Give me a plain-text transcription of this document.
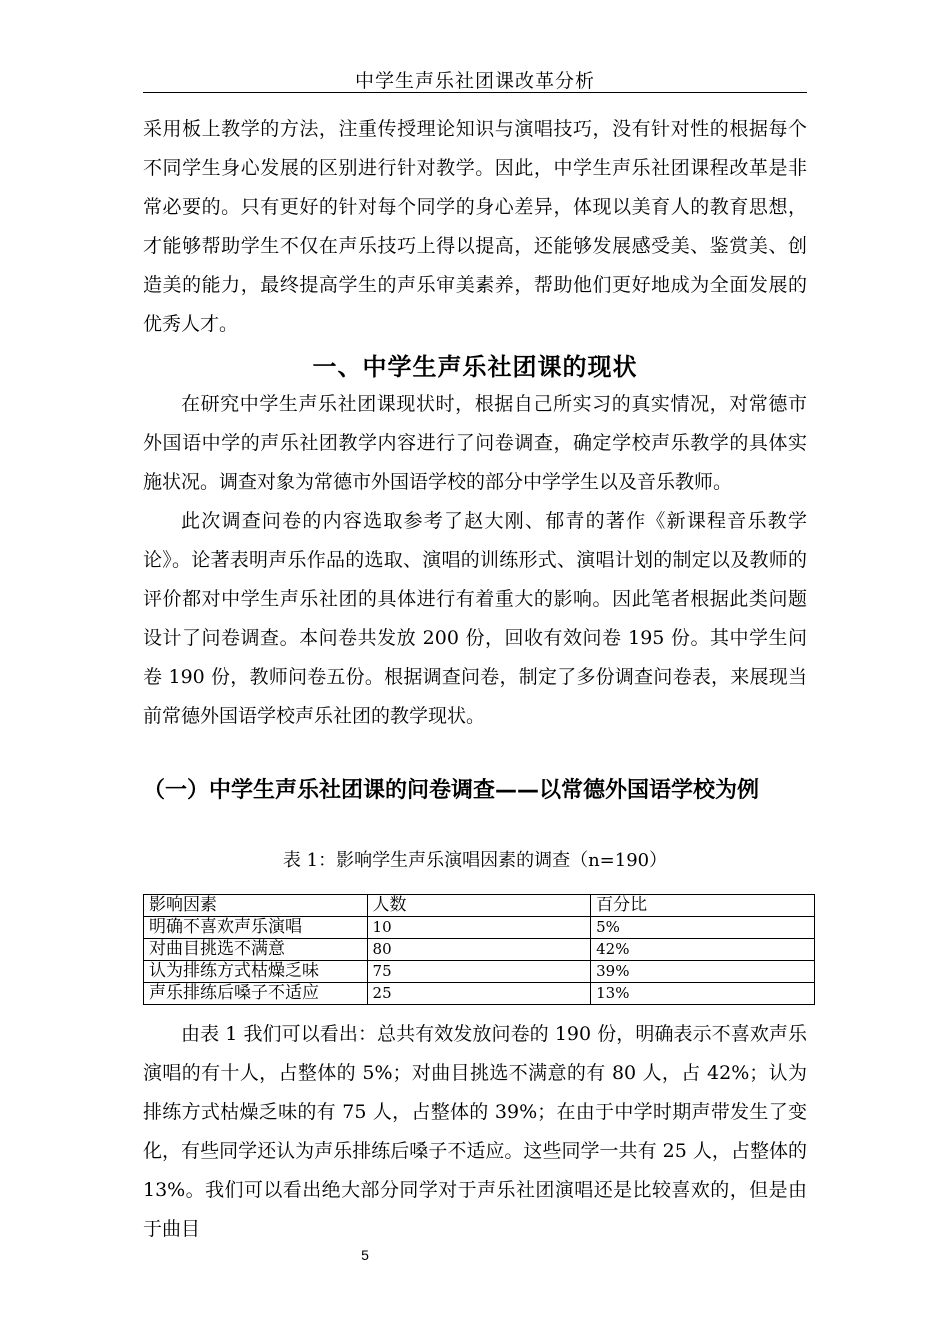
中学生声乐社团课改革分析

采用板上教学的方法，注重传授理论知识与演唱技巧，没有针对性的根据每个不同学生身心发展的区别进行针对教学。因此，中学生声乐社团课程改革是非常必要的。只有更好的针对每个同学的身心差异，体现以美育人的教育思想，才能够帮助学生不仅在声乐技巧上得以提高，还能够发展感受美、鉴赏美、创造美的能力，最终提高学生的声乐审美素养，帮助他们更好地成为全面发展的优秀人才。

一、中学生声乐社团课的现状

在研究中学生声乐社团课现状时，根据自己所实习的真实情况，对常德市外国语中学的声乐社团教学内容进行了问卷调查，确定学校声乐教学的具体实施状况。调查对象为常德市外国语学校的部分中学学生以及音乐教师。

此次调查问卷的内容选取参考了赵大刚、郁青的著作《新课程音乐教学论》。论著表明声乐作品的选取、演唱的训练形式、演唱计划的制定以及教师的评价都对中学生声乐社团的具体进行有着重大的影响。因此笔者根据此类问题设计了问卷调查。本问卷共发放 200 份，回收有效问卷 195 份。其中学生问卷 190 份，教师问卷五份。根据调查问卷，制定了多份调查问卷表，来展现当前常德外国语学校声乐社团的教学现状。

（一）中学生声乐社团课的问卷调查——以常德外国语学校为例
表 1：影响学生声乐演唱因素的调查（n=190）
影响因素	人数	百分比
明确不喜欢声乐演唱	10	5%
对曲目挑选不满意	80	42%
认为排练方式枯燥乏味	75	39%
声乐排练后嗓子不适应	25	13%

由表 1 我们可以看出：总共有效发放问卷的 190 份，明确表示不喜欢声乐演唱的有十人，占整体的 5%；对曲目挑选不满意的有 80 人，占 42%；认为排练方式枯燥乏味的有 75 人，占整体的 39%；在由于中学时期声带发生了变化，有些同学还认为声乐排练后嗓子不适应。这些同学一共有 25 人，占整体的 13%。我们可以看出绝大部分同学对于声乐社团演唱还是比较喜欢的，但是由于曲目

5
